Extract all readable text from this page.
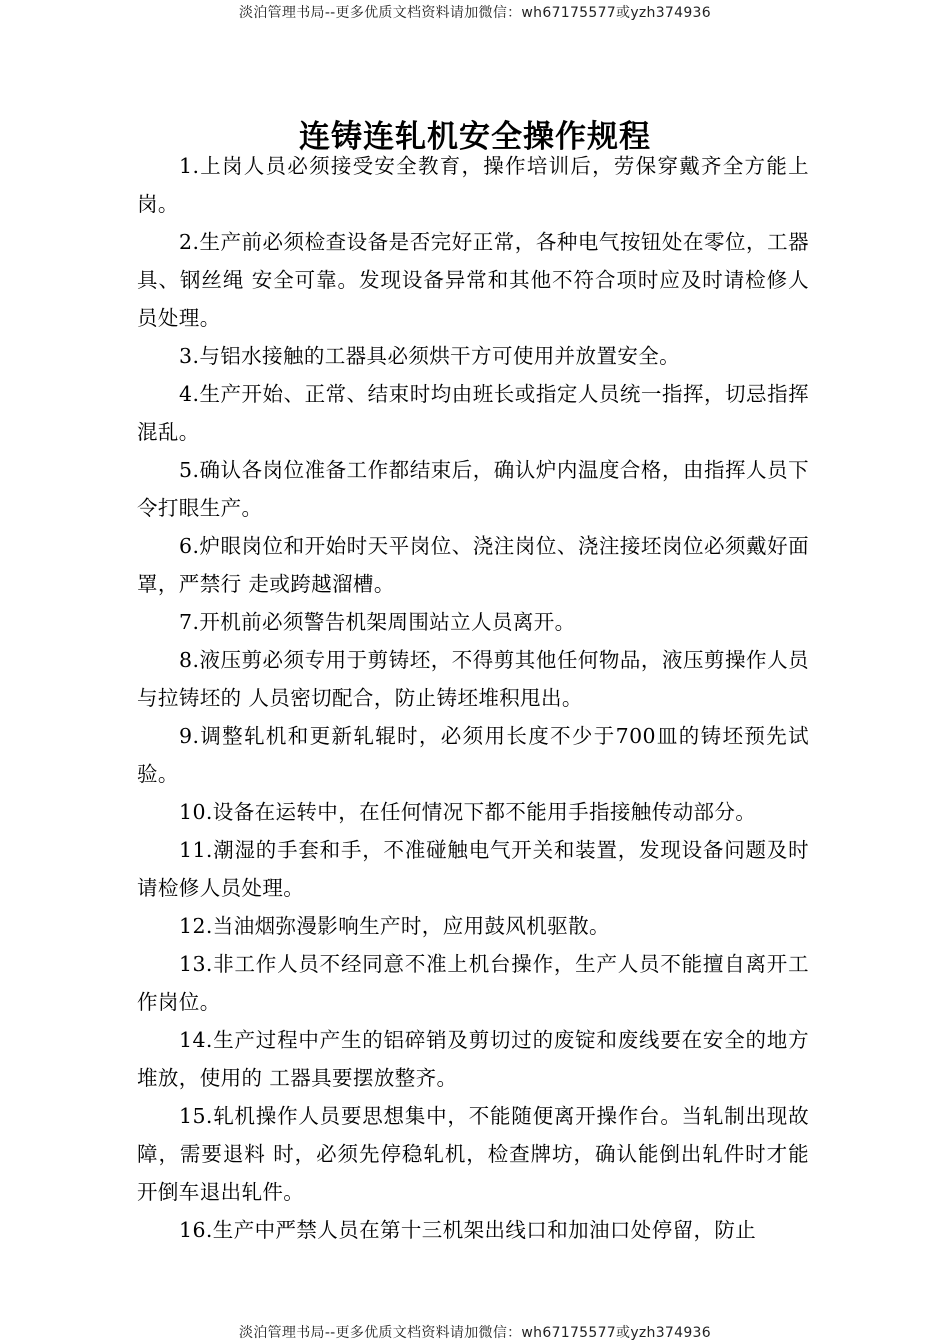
淡泊管理书局--更多优质文档资料请加微信：wh67175577或yzh374936
连铸连轧机安全操作规程

1.上岗人员必须接受安全教育，操作培训后，劳保穿戴齐全方能上岗。

2.生产前必须检查设备是否完好正常，各种电气按钮处在零位，工器具、钢丝绳 安全可靠。发现设备异常和其他不符合项时应及时请检修人员处理。

3.与铝水接触的工器具必须烘干方可使用并放置安全。

4.生产开始、正常、结束时均由班长或指定人员统一指挥，切忌指挥混乱。

5.确认各岗位准备工作都结束后，确认炉内温度合格，由指挥人员下令打眼生产。

6.炉眼岗位和开始时天平岗位、浇注岗位、浇注接坯岗位必须戴好面罩，严禁行 走或跨越溜槽。

7.开机前必须警告机架周围站立人员离开。

8.液压剪必须专用于剪铸坯，不得剪其他任何物品，液压剪操作人员与拉铸坯的 人员密切配合，防止铸坯堆积甩出。

9.调整轧机和更新轧辊时，必须用长度不少于700皿的铸坯预先试验。

10.设备在运转中，在任何情况下都不能用手指接触传动部分。

11.潮湿的手套和手，不准碰触电气开关和装置，发现设备问题及时请检修人员处理。

12.当油烟弥漫影响生产时，应用鼓风机驱散。

13.非工作人员不经同意不准上机台操作，生产人员不能擅自离开工作岗位。

14.生产过程中产生的铝碎销及剪切过的废锭和废线要在安全的地方堆放，使用的 工器具要摆放整齐。

15.轧机操作人员要思想集中，不能随便离开操作台。当轧制出现故障，需要退料 时，必须先停稳轧机，检查牌坊，确认能倒出轧件时才能开倒车退出轧件。

16.生产中严禁人员在第十三机架出线口和加油口处停留，防止

淡泊管理书局--更多优质文档资料请加微信：wh67175577或yzh374936
